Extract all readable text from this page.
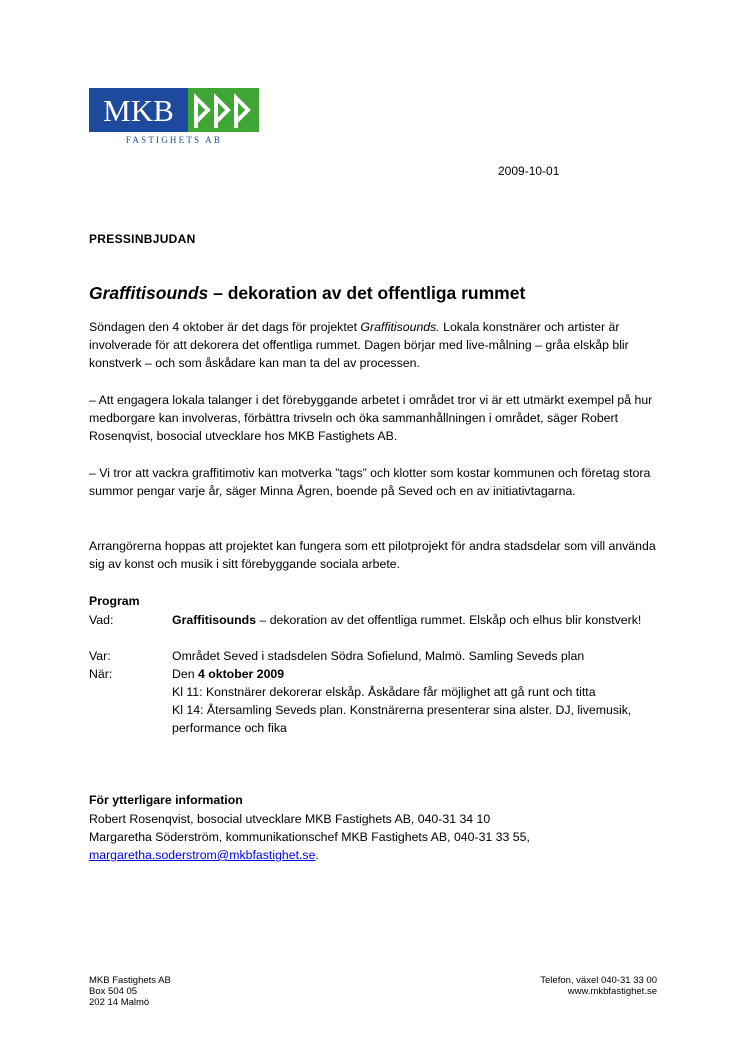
MKB
FASTIGHETS AB
2009-10-01
PRESSINBJUDAN
Graffitisounds – dekoration av det offentliga rummet
Söndagen den 4 oktober är det dags för projektet Graffitisounds. Lokala konstnärer och artister är involverade för att dekorera det offentliga rummet. Dagen börjar med live-målning – gråa elskåp blir konstverk – och som åskådare kan man ta del av processen.
– Att engagera lokala talanger i det förebyggande arbetet i området tror vi är ett utmärkt exempel på hur medborgare kan involveras, förbättra trivseln och öka sammanhållningen i området, säger Robert Rosenqvist, bosocial utvecklare hos MKB Fastighets AB.
– Vi tror att vackra graffitimotiv kan motverka ”tags” och klotter som kostar kommunen och företag stora summor pengar varje år, säger Minna Ågren, boende på Seved och en av initiativtagarna.
Arrangörerna hoppas att projektet kan fungera som ett pilotprojekt för andra stadsdelar som vill använda sig av konst och musik i sitt förebyggande sociala arbete.
Program
Vad:	Graffitisounds – dekoration av det offentliga rummet. Elskåp och elhus blir konstverk!
Var:	Området Seved i stadsdelen Södra Sofielund, Malmö. Samling Seveds plan
När:	Den 4 oktober 2009
Kl 11: Konstnärer dekorerar elskåp. Åskådare får möjlighet att gå runt och titta
Kl 14: Återsamling Seveds plan. Konstnärerna presenterar sina alster. DJ, livemusik, performance och fika
För ytterligare information
Robert Rosenqvist, bosocial utvecklare MKB Fastighets AB, 040-31 34 10
Margaretha Söderström, kommunikationschef MKB Fastighets AB, 040-31 33 55,
margaretha.soderstrom@mkbfastighet.se.
MKB Fastighets AB
Box 504 05
202 14 Malmö
Telefon, växel 040-31 33 00
www.mkbfastighet.se
